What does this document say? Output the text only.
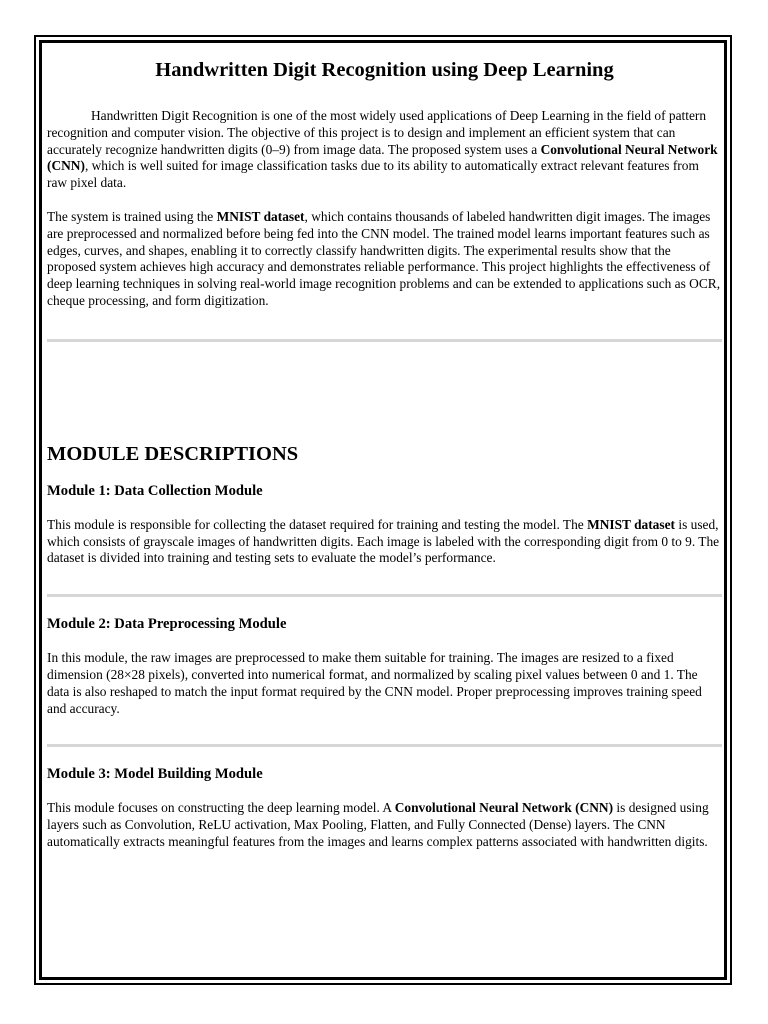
Handwritten Digit Recognition using Deep Learning

Handwritten Digit Recognition is one of the most widely used applications of Deep Learning in the field of pattern recognition and computer vision. The objective of this project is to design and implement an efficient system that can accurately recognize handwritten digits (0–9) from image data. The proposed system uses a Convolutional Neural Network (CNN), which is well suited for image classification tasks due to its ability to automatically extract relevant features from raw pixel data.

The system is trained using the MNIST dataset, which contains thousands of labeled handwritten digit images. The images are preprocessed and normalized before being fed into the CNN model. The trained model learns important features such as edges, curves, and shapes, enabling it to correctly classify handwritten digits. The experimental results show that the proposed system achieves high accuracy and demonstrates reliable performance. This project highlights the effectiveness of deep learning techniques in solving real-world image recognition problems and can be extended to applications such as OCR, cheque processing, and form digitization.

MODULE DESCRIPTIONS
Module 1: Data Collection Module

This module is responsible for collecting the dataset required for training and testing the model. The MNIST dataset is used, which consists of grayscale images of handwritten digits. Each image is labeled with the corresponding digit from 0 to 9. The dataset is divided into training and testing sets to evaluate the model’s performance.

Module 2: Data Preprocessing Module

In this module, the raw images are preprocessed to make them suitable for training. The images are resized to a fixed dimension (28×28 pixels), converted into numerical format, and normalized by scaling pixel values between 0 and 1. The data is also reshaped to match the input format required by the CNN model. Proper preprocessing improves training speed and accuracy.

Module 3: Model Building Module

This module focuses on constructing the deep learning model. A Convolutional Neural Network (CNN) is designed using layers such as Convolution, ReLU activation, Max Pooling, Flatten, and Fully Connected (Dense) layers. The CNN automatically extracts meaningful features from the images and learns complex patterns associated with handwritten digits.
